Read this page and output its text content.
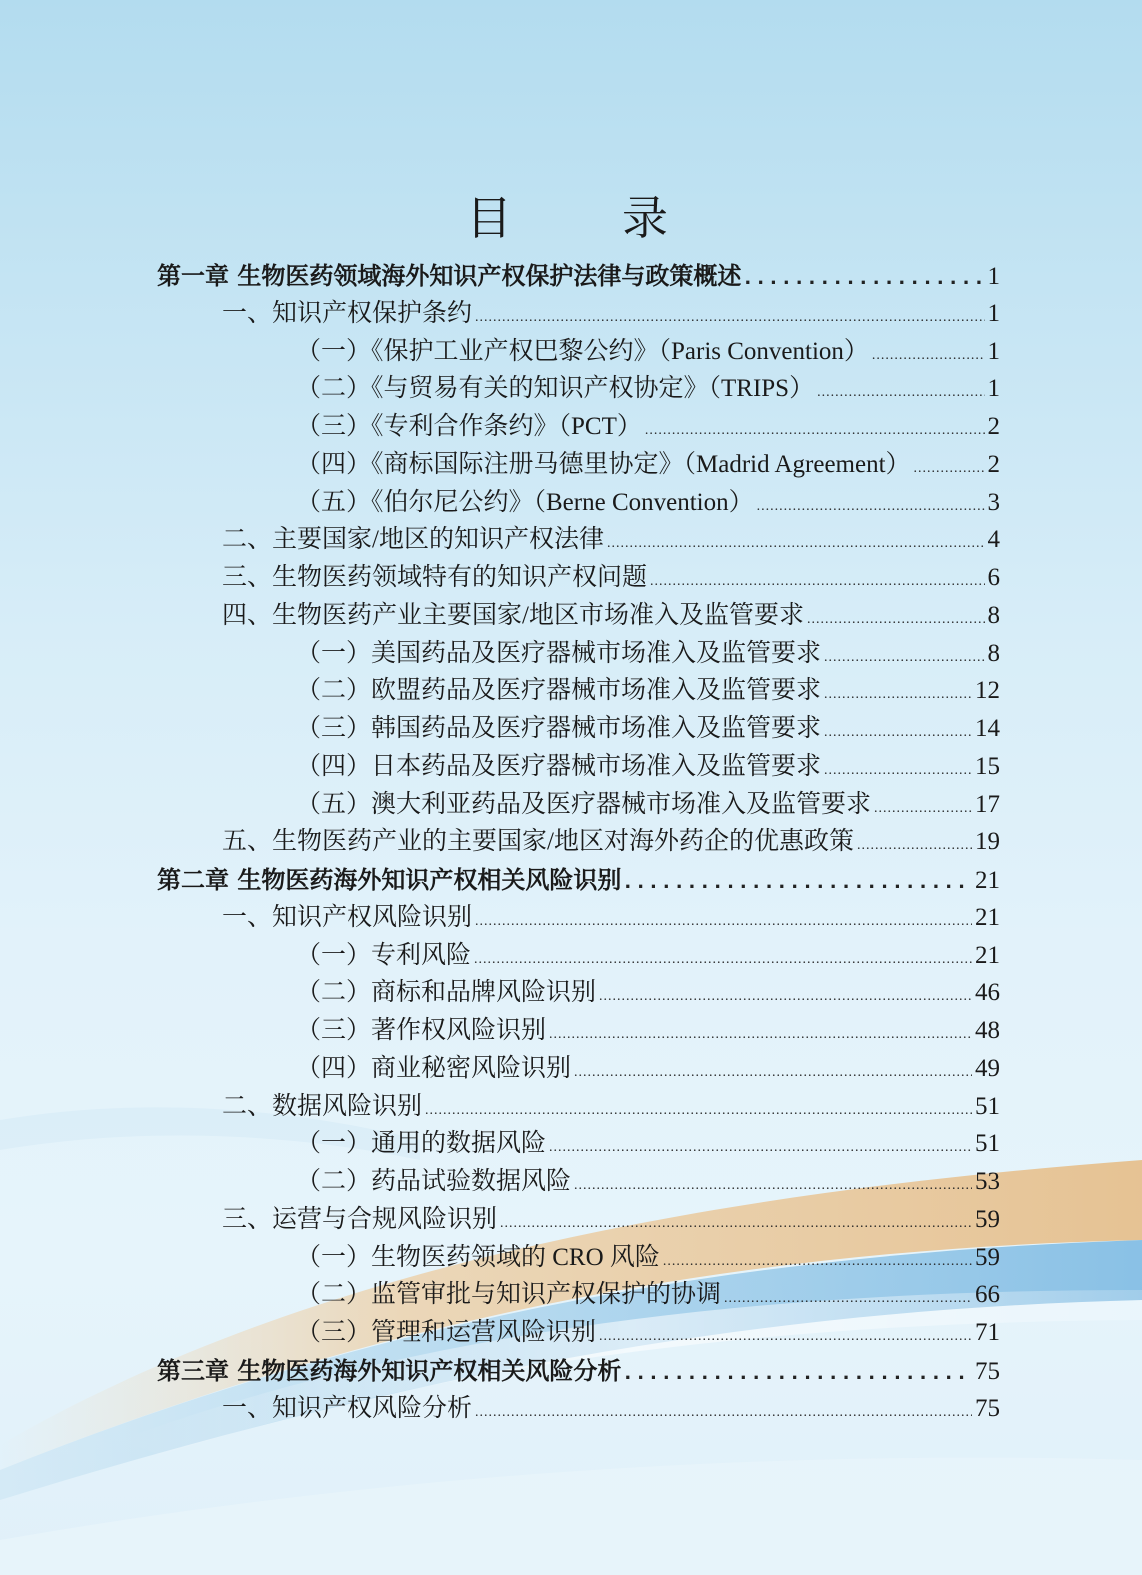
目　录
第一章 生物医药领域海外知识产权保护法律与政策概述 .....	1
一、知识产权保护条约 .....	1
（一）《保护工业产权巴黎公约》（Paris Convention） .....	1
（二）《与贸易有关的知识产权协定》（TRIPS） .....	1
（三）《专利合作条约》（PCT） .....	2
（四）《商标国际注册马德里协定》（Madrid Agreement） .....	2
（五）《伯尔尼公约》（Berne Convention） .....	3
二、主要国家/地区的知识产权法律 .....	4
三、生物医药领域特有的知识产权问题 .....	6
四、生物医药产业主要国家/地区市场准入及监管要求 .....	8
（一）美国药品及医疗器械市场准入及监管要求 .....	8
（二）欧盟药品及医疗器械市场准入及监管要求 .....	12
（三）韩国药品及医疗器械市场准入及监管要求 .....	14
（四）日本药品及医疗器械市场准入及监管要求 .....	15
（五）澳大利亚药品及医疗器械市场准入及监管要求 .....	17
五、生物医药产业的主要国家/地区对海外药企的优惠政策 .....	19
第二章 生物医药海外知识产权相关风险识别 .....	21
一、知识产权风险识别 .....	21
（一）专利风险 .....	21
（二）商标和品牌风险识别 .....	46
（三）著作权风险识别 .....	48
（四）商业秘密风险识别 .....	49
二、数据风险识别 .....	51
（一）通用的数据风险 .....	51
（二）药品试验数据风险 .....	53
三、运营与合规风险识别 .....	59
（一）生物医药领域的 CRO 风险 .....	59
（二）监管审批与知识产权保护的协调 .....	66
（三）管理和运营风险识别 .....	71
第三章 生物医药海外知识产权相关风险分析 .....	75
一、知识产权风险分析 .....	75
